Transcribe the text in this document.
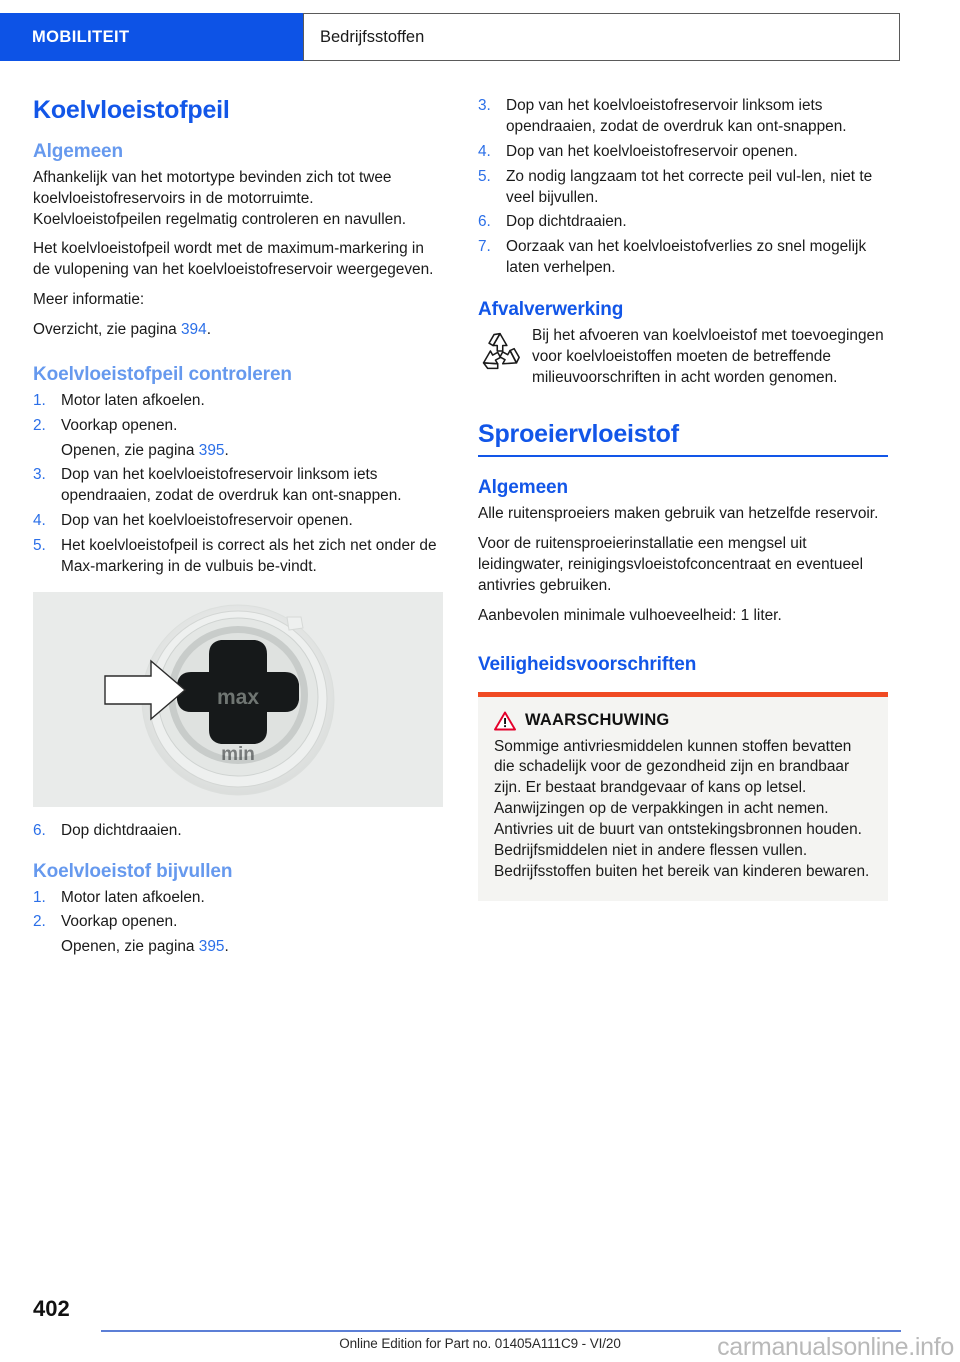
MOBILITEIT	Bedrijfsstoffen
Koelvloeistofpeil
Algemeen

Afhankelijk van het motortype bevinden zich tot twee koelvloeistofreservoirs in de motorruimte. Koelvloeistofpeilen regelmatig controleren en navullen.

Het koelvloeistofpeil wordt met de maximum-markering in de vulopening van het koelvloeistofreservoir weergegeven.

Meer informatie:

Overzicht, zie pagina 394.

Koelvloeistofpeil controleren
1. Motor laten afkoelen.
2. Voorkap openen.
Openen, zie pagina 395.
3. Dop van het koelvloeistofreservoir linksom iets opendraaien, zodat de overdruk kan ont-snappen.
4. Dop van het koelvloeistofreservoir openen.
5. Het koelvloeistofpeil is correct als het zich net onder de Max-markering in de vulbuis be-vindt.
max
min
6. Dop dichtdraaien.
Koelvloeistof bijvullen
1. Motor laten afkoelen.
2. Voorkap openen.
Openen, zie pagina 395.
3. Dop van het koelvloeistofreservoir linksom iets opendraaien, zodat de overdruk kan ont-snappen.
4. Dop van het koelvloeistofreservoir openen.
5. Zo nodig langzaam tot het correcte peil vul-len, niet te veel bijvullen.
6. Dop dichtdraaien.
7. Oorzaak van het koelvloeistofverlies zo snel mogelijk laten verhelpen.
Afvalverwerking
Bij het afvoeren van koelvloeistof met toevoegingen voor koelvloeistoffen moeten de betreffende milieuvoorschriften in acht worden genomen.
Sproeiervloeistof
Algemeen

Alle ruitensproeiers maken gebruik van hetzelfde reservoir.

Voor de ruitensproeierinstallatie een mengsel uit leidingwater, reinigingsvloeistofconcentraat en eventueel antivries gebruiken.

Aanbevolen minimale vulhoeveelheid: 1 liter.

Veiligheidsvoorschriften
WAARSCHUWING
Sommige antivriesmiddelen kunnen stoffen bevatten die schadelijk voor de gezondheid zijn en brandbaar zijn. Er bestaat brandgevaar of kans op letsel. Aanwijzingen op de verpakkingen in acht nemen. Antivries uit de buurt van ontstekingsbronnen houden. Bedrijfsmiddelen niet in andere flessen vullen. Bedrijfsstoffen buiten het bereik van kinderen bewaren.
402
Online Edition for Part no. 01405A111C9 - VI/20	carmanualsonline.info
